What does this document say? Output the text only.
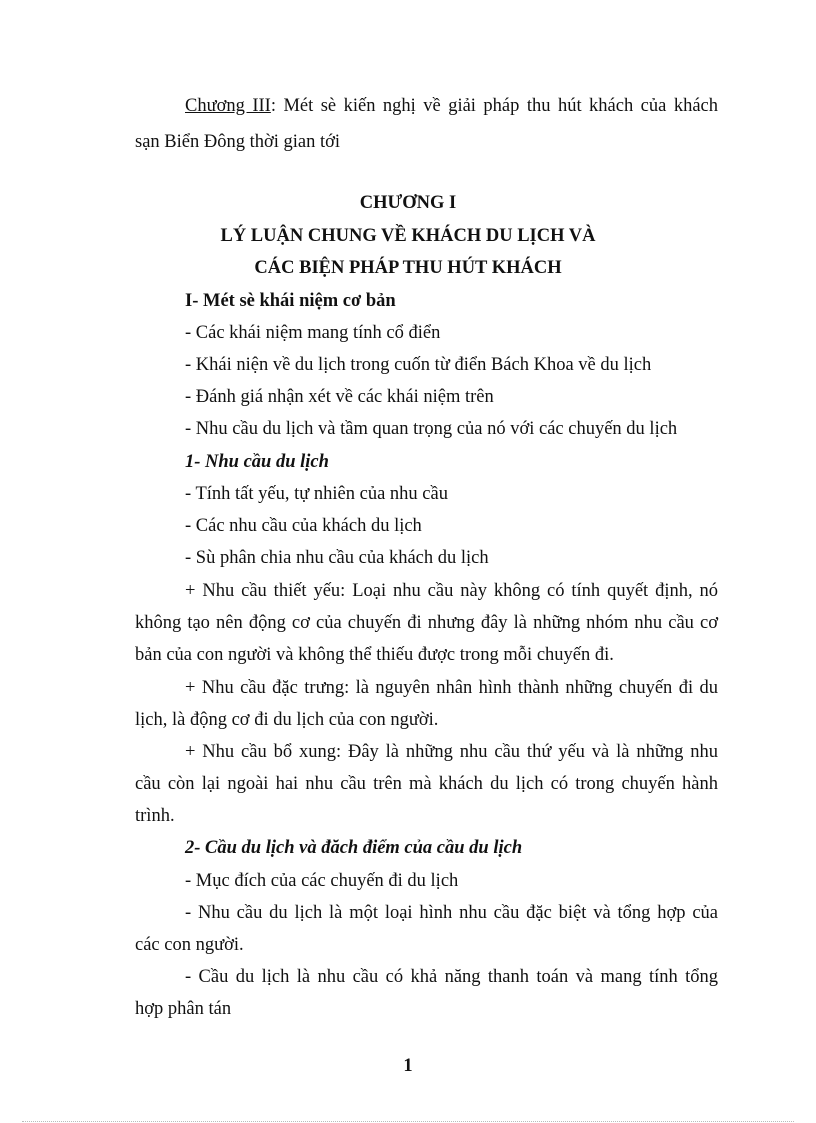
Chương III: Mét sè kiến nghị về giải pháp thu hút khách của khách
sạn Biển Đông thời gian tới
CHƯƠNG I
LÝ LUẬN CHUNG VỀ KHÁCH DU LỊCH VÀ
CÁC BIỆN PHÁP THU HÚT KHÁCH
I- Mét sè khái niệm cơ bản
- Các khái niệm mang tính cổ điển
- Khái niện về du lịch trong cuốn từ điển Bách Khoa về du lịch
- Đánh giá nhận xét về các khái niệm trên
- Nhu cầu du lịch và tầm quan trọng của nó với các chuyến du lịch
1- Nhu cầu du lịch
- Tính tất yếu, tự nhiên của nhu cầu
- Các nhu cầu của khách du lịch
- Sù phân chia nhu cầu của khách du lịch
+ Nhu cầu thiết yếu: Loại nhu cầu này không có tính quyết định, nó
không tạo nên động cơ của chuyến đi nhưng đây là những nhóm nhu cầu cơ
bản của con người và không thể thiếu được trong mỗi chuyến đi.
+ Nhu cầu đặc trưng: là nguyên nhân hình thành những chuyến đi du
lịch, là động cơ đi du lịch của con người.
+ Nhu cầu bổ xung: Đây là những nhu cầu thứ yếu và là những nhu
cầu còn lại ngoài hai nhu cầu trên mà khách du lịch có trong chuyến hành
trình.
2- Cầu du lịch và đăch điểm của cầu du lịch
- Mục đích của các chuyến đi du lịch
- Nhu cầu du lịch là một loại hình nhu cầu đặc biệt và tổng hợp của
các con người.
- Cầu du lịch là nhu cầu có khả năng thanh toán và mang tính tổng
hợp phân tán
1
